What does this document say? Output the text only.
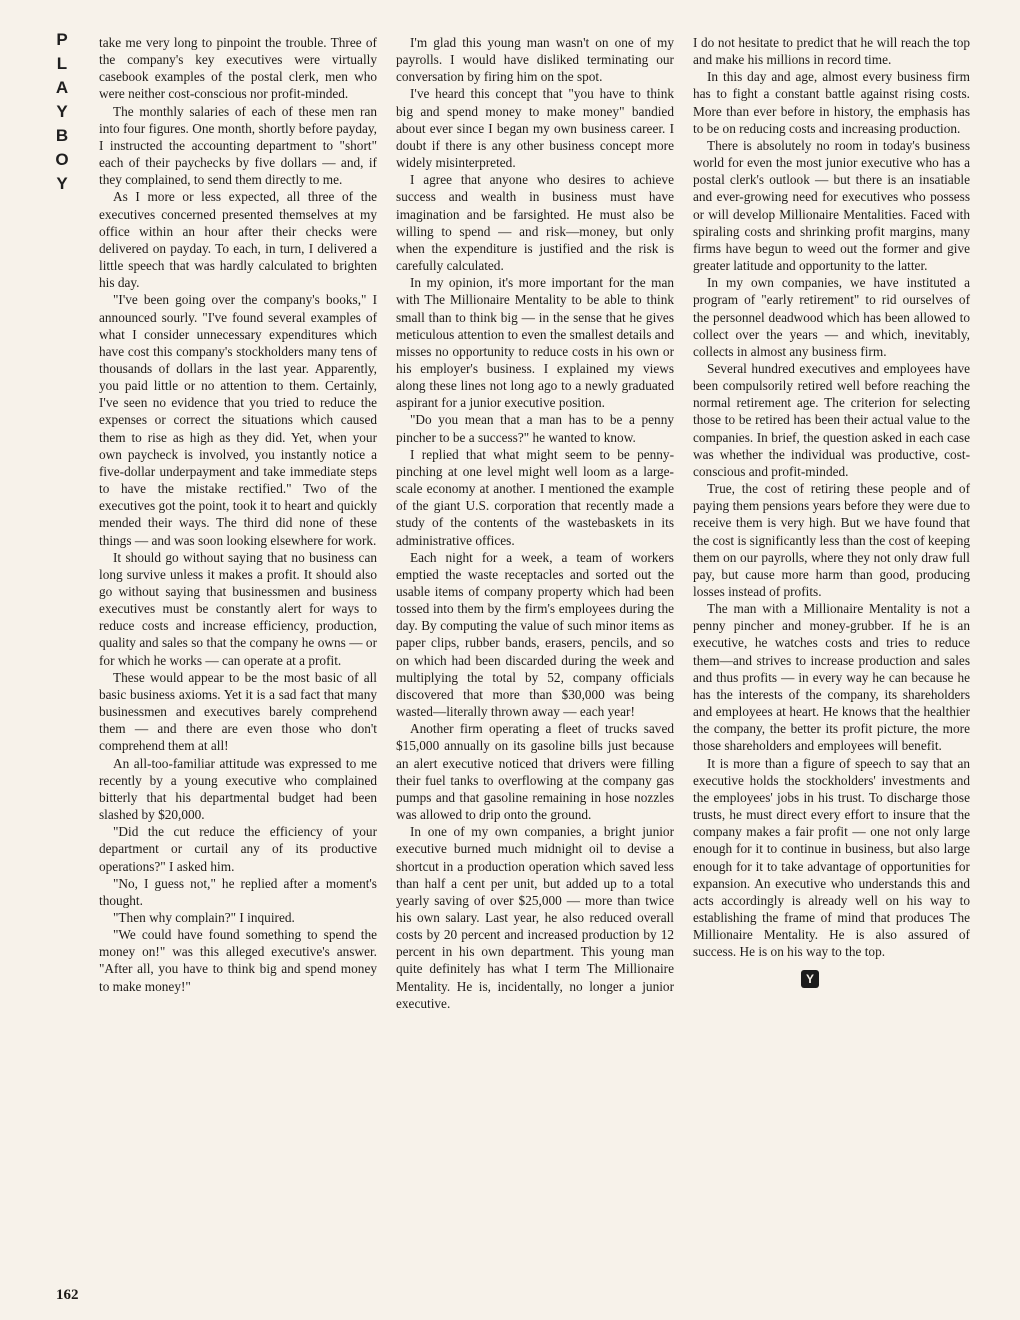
P
L
A
Y
B
O
Y

take me very long to pinpoint the trouble. Three of the company's key executives were virtually casebook examples of the postal clerk, men who were neither cost-conscious nor profit-minded.

The monthly salaries of each of these men ran into four figures. One month, shortly before payday, I instructed the accounting department to "short" each of their paychecks by five dollars — and, if they complained, to send them directly to me.

As I more or less expected, all three of the executives concerned presented themselves at my office within an hour after their checks were delivered on payday. To each, in turn, I delivered a little speech that was hardly calculated to brighten his day.

"I've been going over the company's books," I announced sourly. "I've found several examples of what I consider unnecessary expenditures which have cost this company's stockholders many tens of thousands of dollars in the last year. Apparently, you paid little or no attention to them. Certainly, I've seen no evidence that you tried to reduce the expenses or correct the situations which caused them to rise as high as they did. Yet, when your own paycheck is involved, you instantly notice a five-dollar underpayment and take immediate steps to have the mistake rectified." Two of the executives got the point, took it to heart and quickly mended their ways. The third did none of these things — and was soon looking elsewhere for work.

It should go without saying that no business can long survive unless it makes a profit. It should also go without saying that businessmen and business executives must be constantly alert for ways to reduce costs and increase efficiency, production, quality and sales so that the company he owns — or for which he works — can operate at a profit.

These would appear to be the most basic of all basic business axioms. Yet it is a sad fact that many businessmen and executives barely comprehend them — and there are even those who don't comprehend them at all!

An all-too-familiar attitude was expressed to me recently by a young executive who complained bitterly that his departmental budget had been slashed by $20,000.

"Did the cut reduce the efficiency of your department or curtail any of its productive operations?" I asked him.

"No, I guess not," he replied after a moment's thought.

"Then why complain?" I inquired.

"We could have found something to spend the money on!" was this alleged executive's answer. "After all, you have to think big and spend money to make money!"

I'm glad this young man wasn't on one of my payrolls. I would have disliked terminating our conversation by firing him on the spot.

I've heard this concept that "you have to think big and spend money to make money" bandied about ever since I began my own business career. I doubt if there is any other business concept more widely misinterpreted.

I agree that anyone who desires to achieve success and wealth in business must have imagination and be farsighted. He must also be willing to spend — and risk—money, but only when the expenditure is justified and the risk is carefully calculated.

In my opinion, it's more important for the man with The Millionaire Mentality to be able to think small than to think big — in the sense that he gives meticulous attention to even the smallest details and misses no opportunity to reduce costs in his own or his employer's business. I explained my views along these lines not long ago to a newly graduated aspirant for a junior executive position.

"Do you mean that a man has to be a penny pincher to be a success?" he wanted to know.

I replied that what might seem to be penny-pinching at one level might well loom as a large-scale economy at another. I mentioned the example of the giant U.S. corporation that recently made a study of the contents of the wastebaskets in its administrative offices.

Each night for a week, a team of workers emptied the waste receptacles and sorted out the usable items of company property which had been tossed into them by the firm's employees during the day. By computing the value of such minor items as paper clips, rubber bands, erasers, pencils, and so on which had been discarded during the week and multiplying the total by 52, company officials discovered that more than $30,000 was being wasted—literally thrown away — each year!

Another firm operating a fleet of trucks saved $15,000 annually on its gasoline bills just because an alert executive noticed that drivers were filling their fuel tanks to overflowing at the company gas pumps and that gasoline remaining in hose nozzles was allowed to drip onto the ground.

In one of my own companies, a bright junior executive burned much midnight oil to devise a shortcut in a production operation which saved less than half a cent per unit, but added up to a total yearly saving of over $25,000 — more than twice his own salary. Last year, he also reduced overall costs by 20 percent and increased production by 12 percent in his own department. This young man quite definitely has what I term The Millionaire Mentality. He is, incidentally, no longer a junior executive.

I do not hesitate to predict that he will reach the top and make his millions in record time.

In this day and age, almost every business firm has to fight a constant battle against rising costs. More than ever before in history, the emphasis has to be on reducing costs and increasing production.

There is absolutely no room in today's business world for even the most junior executive who has a postal clerk's outlook — but there is an insatiable and ever-growing need for executives who possess or will develop Millionaire Mentalities. Faced with spiraling costs and shrinking profit margins, many firms have begun to weed out the former and give greater latitude and opportunity to the latter.

In my own companies, we have instituted a program of "early retirement" to rid ourselves of the personnel deadwood which has been allowed to collect over the years — and which, inevitably, collects in almost any business firm.

Several hundred executives and employees have been compulsorily retired well before reaching the normal retirement age. The criterion for selecting those to be retired has been their actual value to the companies. In brief, the question asked in each case was whether the individual was productive, cost-conscious and profit-minded.

True, the cost of retiring these people and of paying them pensions years before they were due to receive them is very high. But we have found that the cost is significantly less than the cost of keeping them on our payrolls, where they not only draw full pay, but cause more harm than good, producing losses instead of profits.

The man with a Millionaire Mentality is not a penny pincher and money-grubber. If he is an executive, he watches costs and tries to reduce them—and strives to increase production and sales and thus profits — in every way he can because he has the interests of the company, its shareholders and employees at heart. He knows that the healthier the company, the better its profit picture, the more those shareholders and employees will benefit.

It is more than a figure of speech to say that an executive holds the stockholders' investments and the employees' jobs in his trust. To discharge those trusts, he must direct every effort to insure that the company makes a fair profit — one not only large enough for it to continue in business, but also large enough for it to take advantage of opportunities for expansion. An executive who understands this and acts accordingly is already well on his way to establishing the frame of mind that produces The Millionaire Mentality. He is also assured of success. He is on his way to the top.

Y
162
